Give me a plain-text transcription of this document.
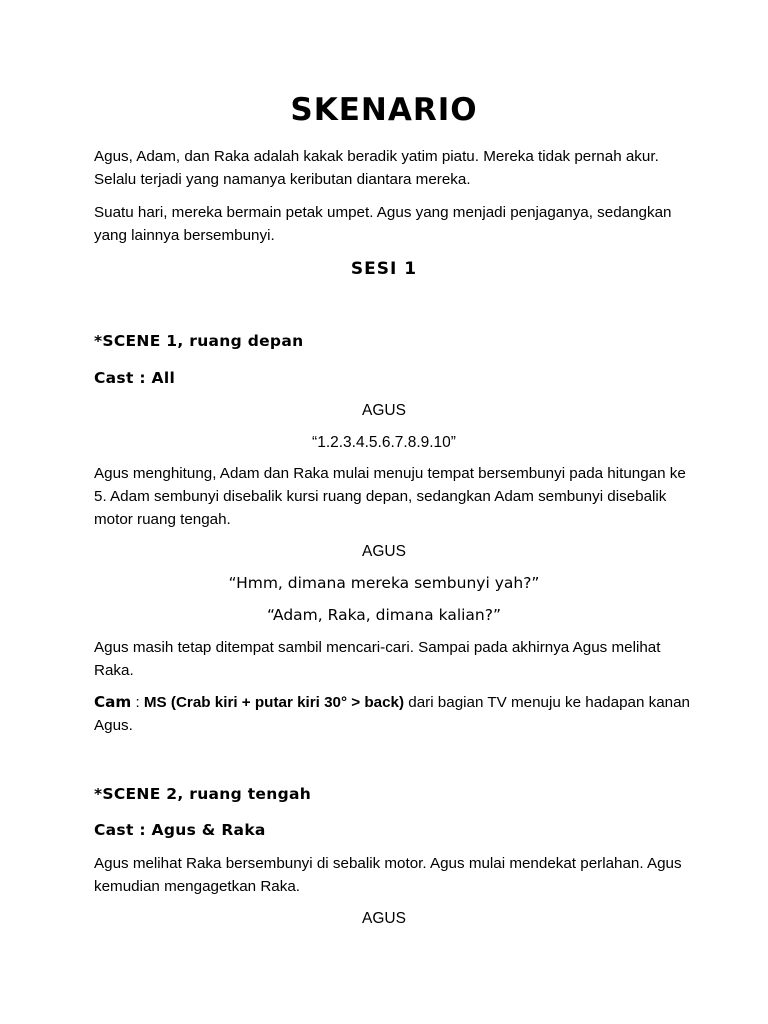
SKENARIO

Agus, Adam, dan Raka adalah kakak beradik yatim piatu. Mereka tidak pernah akur. Selalu terjadi yang namanya keributan diantara mereka.

Suatu hari, mereka bermain petak umpet. Agus yang menjadi penjaganya, sedangkan yang lainnya bersembunyi.

SESI 1
*SCENE 1, ruang depan

Cast : All

AGUS

“1.2.3.4.5.6.7.8.9.10”

Agus menghitung, Adam dan Raka mulai menuju tempat bersembunyi pada hitungan ke 5. Adam sembunyi disebalik kursi ruang depan, sedangkan Adam sembunyi disebalik motor ruang tengah.

AGUS

“Hmm, dimana mereka sembunyi yah?”

“Adam, Raka, dimana kalian?”

Agus masih tetap ditempat sambil mencari-cari. Sampai pada akhirnya Agus melihat Raka.

Cam : MS (Crab kiri + putar kiri 30° > back) dari bagian TV menuju ke hadapan kanan Agus.

*SCENE 2, ruang tengah

Cast : Agus & Raka

Agus melihat Raka bersembunyi di sebalik motor. Agus mulai mendekat perlahan. Agus kemudian mengagetkan Raka.

AGUS
